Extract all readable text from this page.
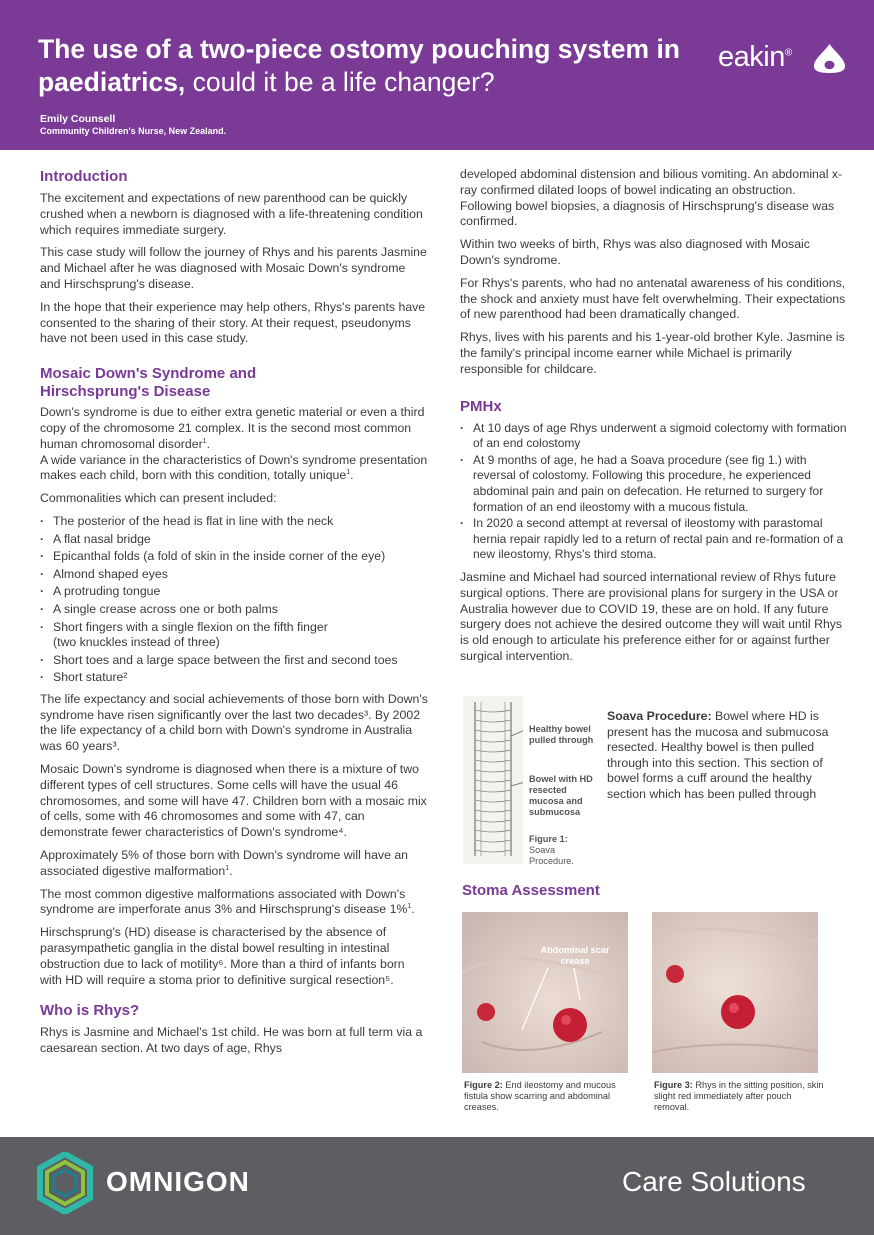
The use of a two-piece ostomy pouching system in paediatrics, could it be a life changer?
Emily Counsell
Community Children's Nurse, New Zealand.
eakin®
Introduction

The excitement and expectations of new parenthood can be quickly crushed when a newborn is diagnosed with a life-threatening condition which requires immediate surgery.

This case study will follow the journey of Rhys and his parents Jasmine and Michael after he was diagnosed with Mosaic Down's syndrome and Hirschsprung's disease.

In the hope that their experience may help others, Rhys's parents have consented to the sharing of their story. At their request, pseudonyms have not been used in this case study.

Mosaic Down's Syndrome and Hirschsprung's Disease
Down's syndrome is due to either extra genetic material or even a third copy of the chromosome 21 complex. It is the second most common human chromosomal disorder$^1$.

A wide variance in the characteristics of Down's syndrome presentation makes each child, born with this condition, totally unique$^1$.

Commonalities which can present included:

· The posterior of the head is flat in line with the neck
· A flat nasal bridge
· Epicanthal folds (a fold of skin in the inside corner of the eye)
· Almond shaped eyes
· A protruding tongue
· A single crease across one or both palms
· Short fingers with a single flexion on the fifth finger (two knuckles instead of three)
· Short toes and a large space between the first and second toes
· Short stature²

The life expectancy and social achievements of those born with Down's syndrome have risen significantly over the last two decades³. By 2002 the life expectancy of a child born with Down's syndrome in Australia was 60 years³.

Mosaic Down's syndrome is diagnosed when there is a mixture of two different types of cell structures. Some cells will have the usual 46 chromosomes, and some will have 47. Children born with a mosaic mix of cells, some with 46 chromosomes and some with 47, can demonstrate fewer characteristics of Down's syndrome⁴.

Approximately 5% of those born with Down's syndrome will have an associated digestive malformation$^1$.

The most common digestive malformations associated with Down's syndrome are imperforate anus 3% and Hirschsprung's disease 1%$^1$.

Hirschsprung's (HD) disease is characterised by the absence of parasympathetic ganglia in the distal bowel resulting in intestinal obstruction due to lack of motility⁶. More than a third of infants born with HD will require a stoma prior to definitive surgical resection⁵.

Who is Rhys?

Rhys is Jasmine and Michael's 1st child. He was born at full term via a caesarean section. At two days of age, Rhys

developed abdominal distension and bilious vomiting. An abdominal x- ray confirmed dilated loops of bowel indicating an obstruction. Following bowel biopsies, a diagnosis of Hirschsprung's disease was confirmed.

Within two weeks of birth, Rhys was also diagnosed with Mosaic Down's syndrome.

For Rhys's parents, who had no antenatal awareness of his conditions, the shock and anxiety must have felt overwhelming. Their expectations of new parenthood had been dramatically changed.

Rhys, lives with his parents and his 1-year-old brother Kyle. Jasmine is the family's principal income earner while Michael is primarily responsible for childcare.

PMHx
· At 10 days of age Rhys underwent a sigmoid colectomy with formation of an end colostomy
· At 9 months of age, he had a Soava procedure (see fig 1.) with reversal of colostomy. Following this procedure, he experienced abdominal pain and pain on defecation. He returned to surgery for formation of an end ileostomy with a mucous fistula.
· In 2020 a second attempt at reversal of ileostomy with parastomal hernia repair rapidly led to a return of rectal pain and re-formation of a new ileostomy, Rhys's third stoma.

Jasmine and Michael had sourced international review of Rhys future surgical options. There are provisional plans for surgery in the USA or Australia however due to COVID 19, these are on hold. If any future surgery does not achieve the desired outcome they will wait until Rhys is old enough to articulate his preference either for or against further surgical intervention.

Healthy bowel pulled through
Bowel with HD resected mucosa and submucosa
Figure 1:
Soava Procedure.
Soava Procedure: Bowel where HD is present has the mucosa and submucosa resected. Healthy bowel is then pulled through into this section. This section of bowel forms a cuff around the healthy section which has been pulled through
Stoma Assessment
Abdominal scar crease
Figure 2: End ileostomy and mucous fistula show scarring and abdominal creases.
Figure 3: Rhys in the sitting position, skin slight red immediately after pouch removal.
OMNIGON	Care Solutions
